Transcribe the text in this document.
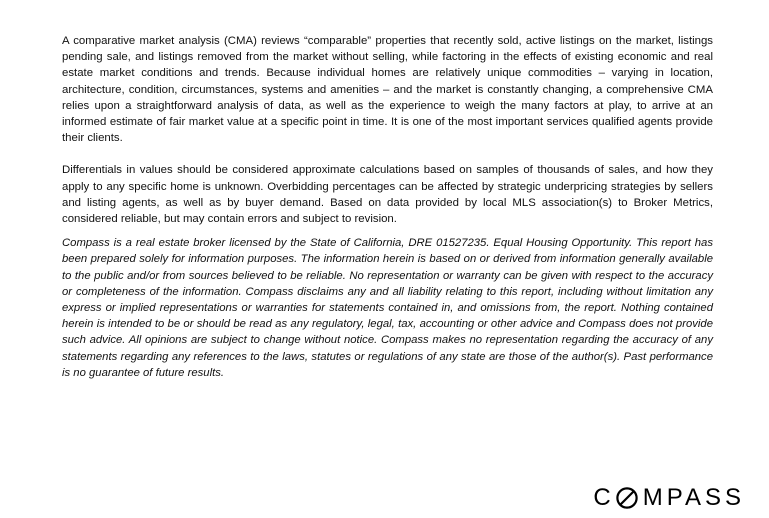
A comparative market analysis (CMA) reviews “comparable” properties that recently sold, active listings on the market, listings pending sale, and listings removed from the market without selling, while factoring in the effects of existing economic and real estate market conditions and trends. Because individual homes are relatively unique commodities – varying in location, architecture, condition, circumstances, systems and amenities – and the market is constantly changing, a comprehensive CMA relies upon a straightforward analysis of data, as well as the experience to weigh the many factors at play, to arrive at an informed estimate of fair market value at a specific point in time. It is one of the most important services qualified agents provide their clients.

Differentials in values should be considered approximate calculations based on samples of thousands of sales, and how they apply to any specific home is unknown. Overbidding percentages can be affected by strategic underpricing strategies by sellers and listing agents, as well as by buyer demand. Based on data provided by local MLS association(s) to Broker Metrics, considered reliable, but may contain errors and subject to revision.

Compass is a real estate broker licensed by the State of California, DRE 01527235. Equal Housing Opportunity. This report has been prepared solely for information purposes. The information herein is based on or derived from information generally available to the public and/or from sources believed to be reliable. No representation or warranty can be given with respect to the accuracy or completeness of the information. Compass disclaims any and all liability relating to this report, including without limitation any express or implied representations or warranties for statements contained in, and omissions from, the report. Nothing contained herein is intended to be or should be read as any regulatory, legal, tax, accounting or other advice and Compass does not provide such advice. All opinions are subject to change without notice. Compass makes no representation regarding the accuracy of any statements regarding any references to the laws, statutes or regulations of any state are those of the author(s). Past performance is no guarantee of future results.

C MPASS
